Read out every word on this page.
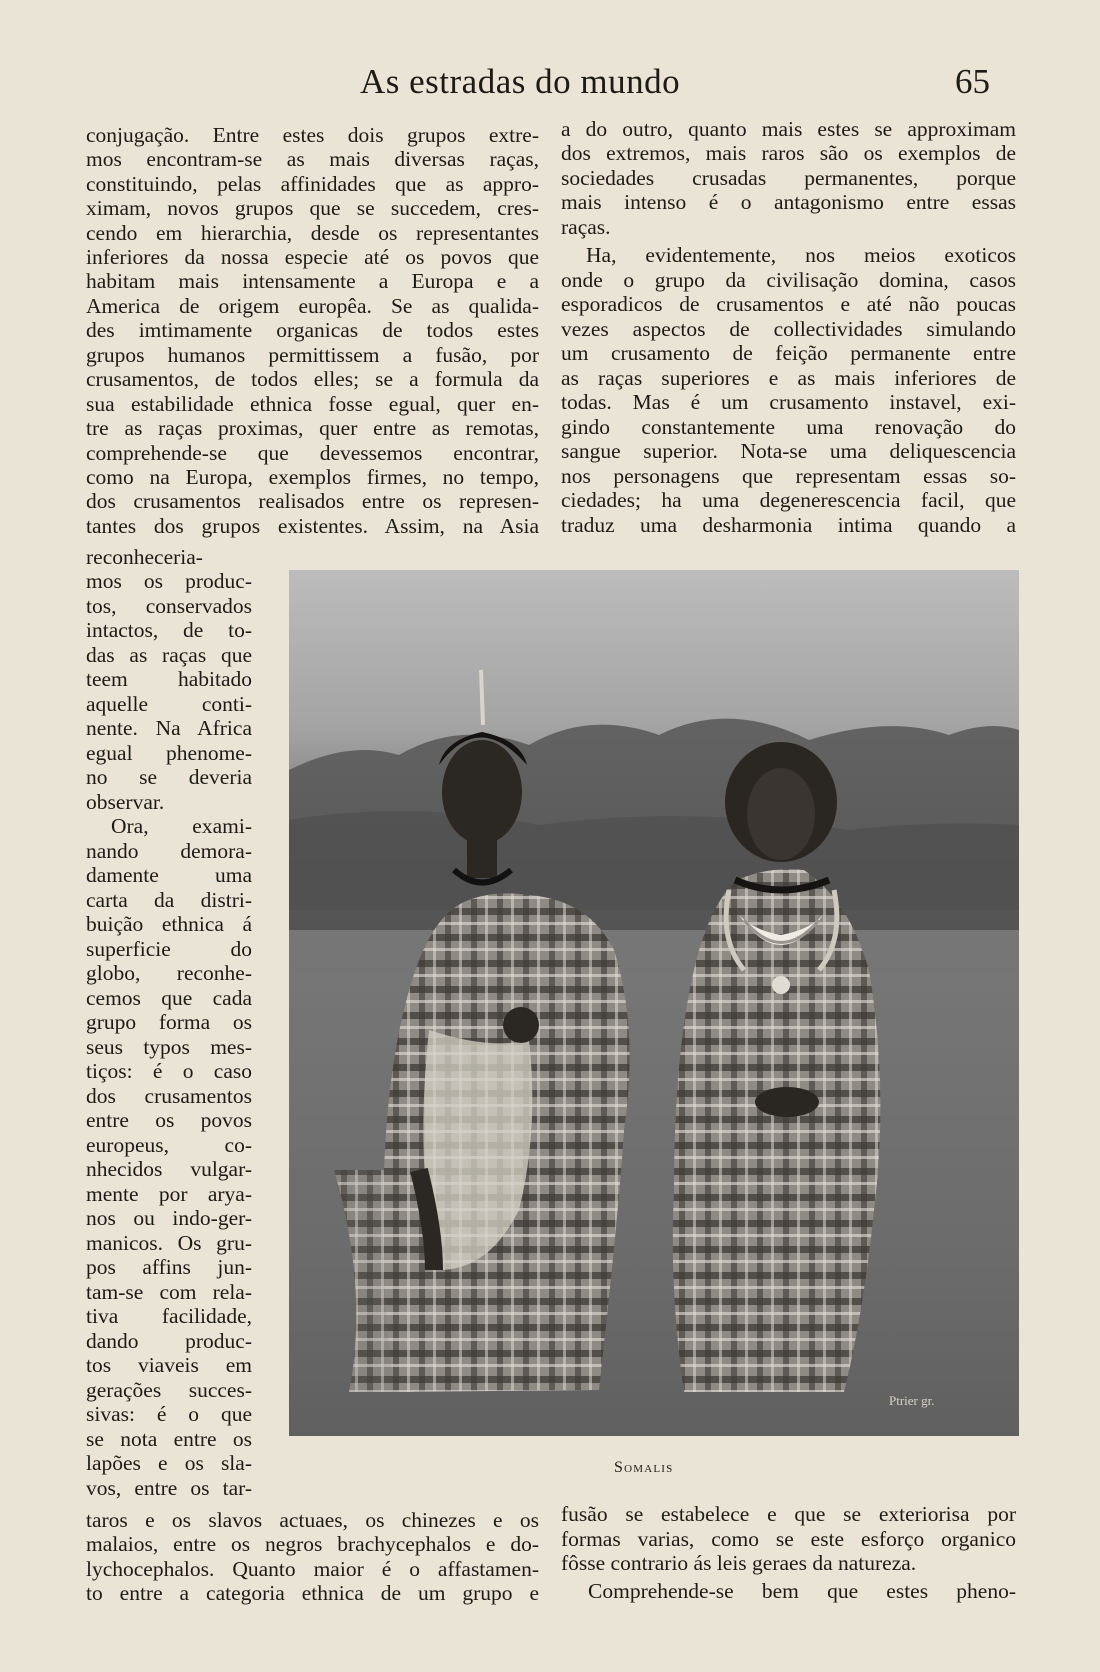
As estradas do mundo	65
conjugação. Entre estes dois grupos extre-
mos encontram-se as mais diversas raças,
constituindo, pelas affinidades que as appro-
ximam, novos grupos que se succedem, cres-
cendo em hierarchia, desde os representantes
inferiores da nossa especie até os povos que
habitam mais intensamente a Europa e a
America de origem europêa. Se as qualida-
des imtimamente organicas de todos estes
grupos humanos permittissem a fusão, por
crusamentos, de todos elles; se a formula da
sua estabilidade ethnica fosse egual, quer en-
tre as raças proximas, quer entre as remotas,
comprehende-se que devessemos encontrar,
como na Europa, exemplos firmes, no tempo,
dos crusamentos realisados entre os represen-
tantes dos grupos existentes. Assim, na Asia
a do outro, quanto mais estes se approximam
dos extremos, mais raros são os exemplos de
sociedades crusadas permanentes, porque
mais intenso é o antagonismo entre essas
raças.
Ha, evidentemente, nos meios exoticos
onde o grupo da civilisação domina, casos
esporadicos de crusamentos e até não poucas
vezes aspectos de collectividades simulando
um crusamento de feição permanente entre
as raças superiores e as mais inferiores de
todas. Mas é um crusamento instavel, exi-
gindo constantemente uma renovação do
sangue superior. Nota-se uma deliquescencia
nos personagens que representam essas so-
ciedades; ha uma degenerescencia facil, que
traduz uma desharmonia intima quando a
reconheceria-
mos os produc-
tos, conservados
intactos, de to-
das as raças que
teem habitado
aquelle conti-
nente. Na Africa
egual phenome-
no se deveria
observar.
Ora, exami-
nando demora-
damente uma
carta da distri-
buição ethnica á
superficie do
globo, reconhe-
cemos que cada
grupo forma os
seus typos mes-
tiços: é o caso
dos crusamentos
entre os povos
europeus, co-
nhecidos vulgar-
mente por arya-
nos ou indo-ger-
manicos. Os gru-
pos affins jun-
tam-se com rela-
tiva facilidade,
dando produc-
tos viaveis em
gerações succes-
sivas: é o que
se nota entre os
lapões e os sla-
vos, entre os tar-
Ptrier gr.
Somalis
taros e os slavos actuaes, os chinezes e os
malaios, entre os negros brachycephalos e do-
lychocephalos. Quanto maior é o affastamen-
to entre a categoria ethnica de um grupo e
fusão se estabelece e que se exteriorisa por
formas varias, como se este esforço organico
fôsse contrario ás leis geraes da natureza.
Comprehende-se bem que estes pheno-
